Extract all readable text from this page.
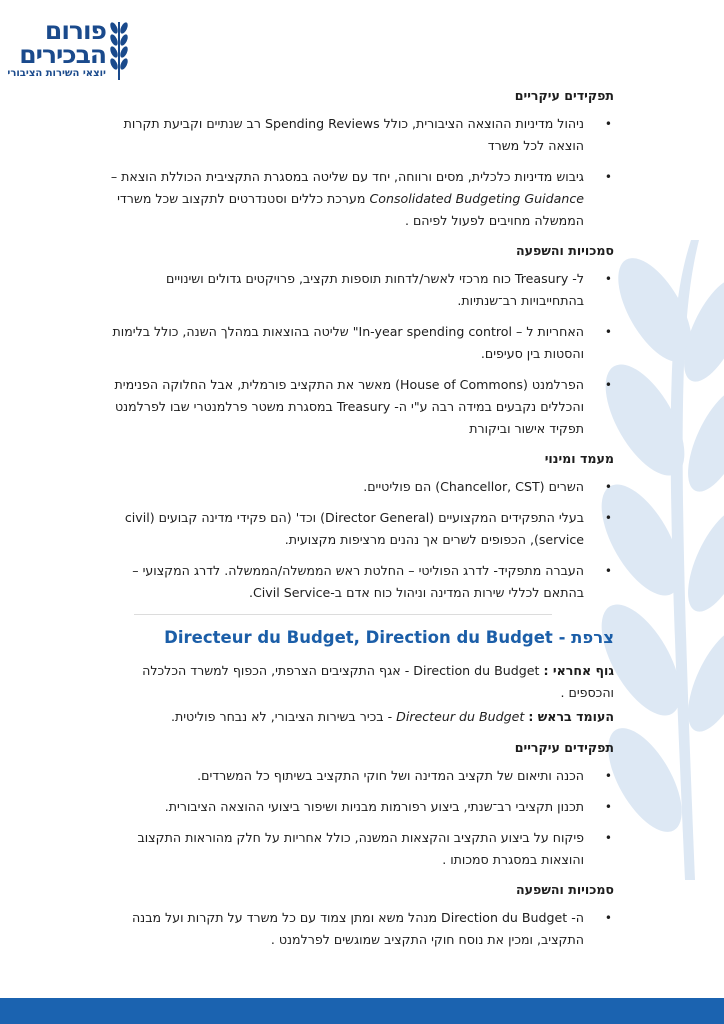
פורום
הבכירים
יוצאי השירות הציבורי
תפקידים עיקריים
• ניהול מדיניות ההוצאה הציבורית, כולל Spending Reviews רב שנתיים וקביעת תקרות הוצאה לכל משרד
• גיבוש מדיניות כלכלית, מסים ורווחה, יחד עם שליטה במסגרת התקציבית הכוללת הוצאת – Consolidated Budgeting Guidance מערכת כללים וסטנדרטים לתקצוב שכל משרדי הממשלה מחויבים לפעול לפיהם .
סמכויות והשפעה
• ל- Treasury כוח מרכזי לאשר/לדחות תוספות תקציב, פרויקטים גדולים ושינויים בהתחייבויות רב־שנתיות.
• האחריות ל – "In-year spending control שליטה בהוצאות במהלך השנה, כולל בלימות והסטות בין סעיפים.
• הפרלמנט (House of Commons) מאשר את התקציב פורמלית, אבל החלוקה הפנימית והכללים נקבעים במידה רבה ע"י ה- Treasury במסגרת משטר פרלמנטרי שבו לפרלמנט תפקיד אישור וביקורת
מעמד ומינוי
• השרים (Chancellor, CST) הם פוליטיים.
• בעלי התפקידים המקצועיים (Director General) וכד' (הם פקידי מדינה קבועים (civil service), הכפופים לשרים אך נהנים מרציפות מקצועית.
• העברה מתפקיד- לדרג הפוליטי – החלטת ראש הממשלה/הממשלה. לדרג המקצועי – בהתאם לכללי שירות המדינה וניהול כוח אדם ב-Civil Service.
צרפת - Directeur du Budget, Direction du Budget
גוף אחראי : Direction du Budget - אגף התקציבים הצרפתי, הכפוף למשרד הכלכלה והכספים .
העומד בראש : Directeur du Budget - בכיר בשירות הציבורי, לא נבחר פוליטית.
תפקידים עיקריים
• הכנה ותיאום של תקציב המדינה ושל חוקי התקציב בשיתוף כל המשרדים.
• תכנון תקציבי רב־שנתי, ביצוע רפורמות מבניות ושיפור ביצועי ההוצאה הציבורית.
• פיקוח על ביצוע התקציב והקצאות המשנה, כולל אחריות על חלק מהוראות התקצוב והוצאות במסגרת סמכותו .
סמכויות והשפעה
• ה- Direction du Budget מנהל משא ומתן צמוד עם כל משרד על תקרות ועל מבנה התקציב, ומכין את נוסח חוקי התקציב שמוגשים לפרלמנט .
